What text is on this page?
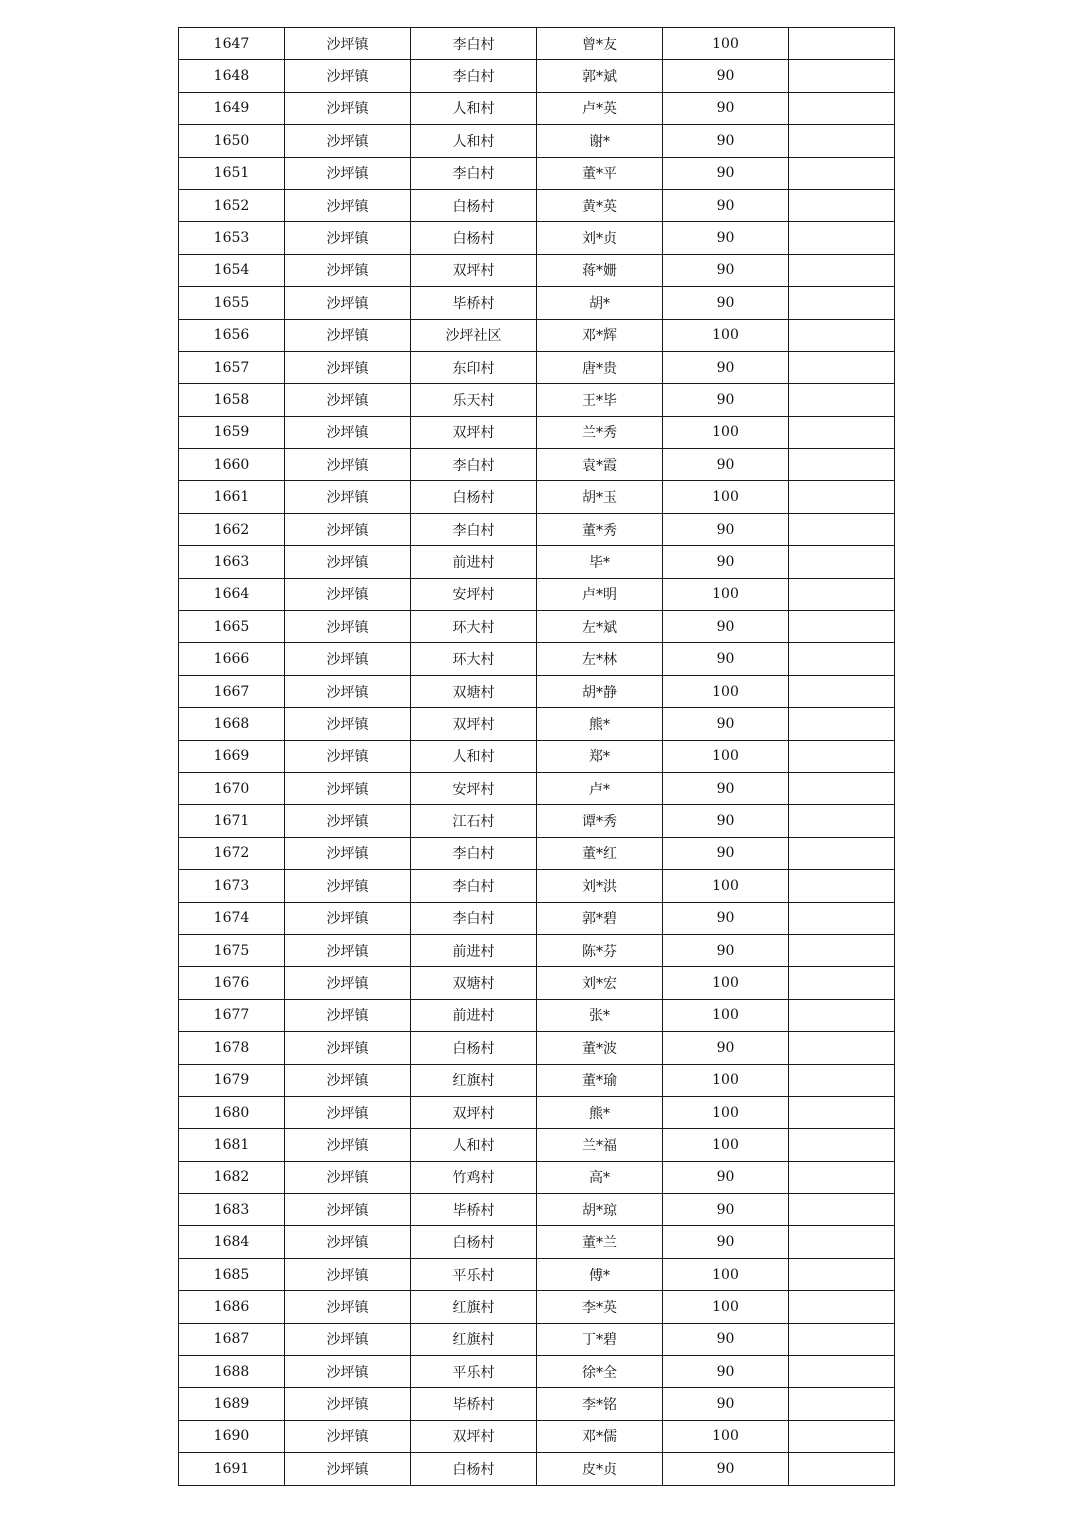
1647	沙坪镇	李白村	曾*友	100	
1648	沙坪镇	李白村	郭*斌	90	
1649	沙坪镇	人和村	卢*英	90	
1650	沙坪镇	人和村	谢*	90	
1651	沙坪镇	李白村	董*平	90	
1652	沙坪镇	白杨村	黄*英	90	
1653	沙坪镇	白杨村	刘*贞	90	
1654	沙坪镇	双坪村	蒋*姗	90	
1655	沙坪镇	毕桥村	胡*	90	
1656	沙坪镇	沙坪社区	邓*辉	100	
1657	沙坪镇	东印村	唐*贵	90	
1658	沙坪镇	乐天村	王*毕	90	
1659	沙坪镇	双坪村	兰*秀	100	
1660	沙坪镇	李白村	袁*霞	90	
1661	沙坪镇	白杨村	胡*玉	100	
1662	沙坪镇	李白村	董*秀	90	
1663	沙坪镇	前进村	毕*	90	
1664	沙坪镇	安坪村	卢*明	100	
1665	沙坪镇	环大村	左*斌	90	
1666	沙坪镇	环大村	左*林	90	
1667	沙坪镇	双塘村	胡*静	100	
1668	沙坪镇	双坪村	熊*	90	
1669	沙坪镇	人和村	郑*	100	
1670	沙坪镇	安坪村	卢*	90	
1671	沙坪镇	江石村	谭*秀	90	
1672	沙坪镇	李白村	董*红	90	
1673	沙坪镇	李白村	刘*洪	100	
1674	沙坪镇	李白村	郭*碧	90	
1675	沙坪镇	前进村	陈*芬	90	
1676	沙坪镇	双塘村	刘*宏	100	
1677	沙坪镇	前进村	张*	100	
1678	沙坪镇	白杨村	董*波	90	
1679	沙坪镇	红旗村	董*瑜	100	
1680	沙坪镇	双坪村	熊*	100	
1681	沙坪镇	人和村	兰*福	100	
1682	沙坪镇	竹鸡村	高*	90	
1683	沙坪镇	毕桥村	胡*琼	90	
1684	沙坪镇	白杨村	董*兰	90	
1685	沙坪镇	平乐村	傅*	100	
1686	沙坪镇	红旗村	李*英	100	
1687	沙坪镇	红旗村	丁*碧	90	
1688	沙坪镇	平乐村	徐*全	90	
1689	沙坪镇	毕桥村	李*铭	90	
1690	沙坪镇	双坪村	邓*儒	100	
1691	沙坪镇	白杨村	皮*贞	90	
